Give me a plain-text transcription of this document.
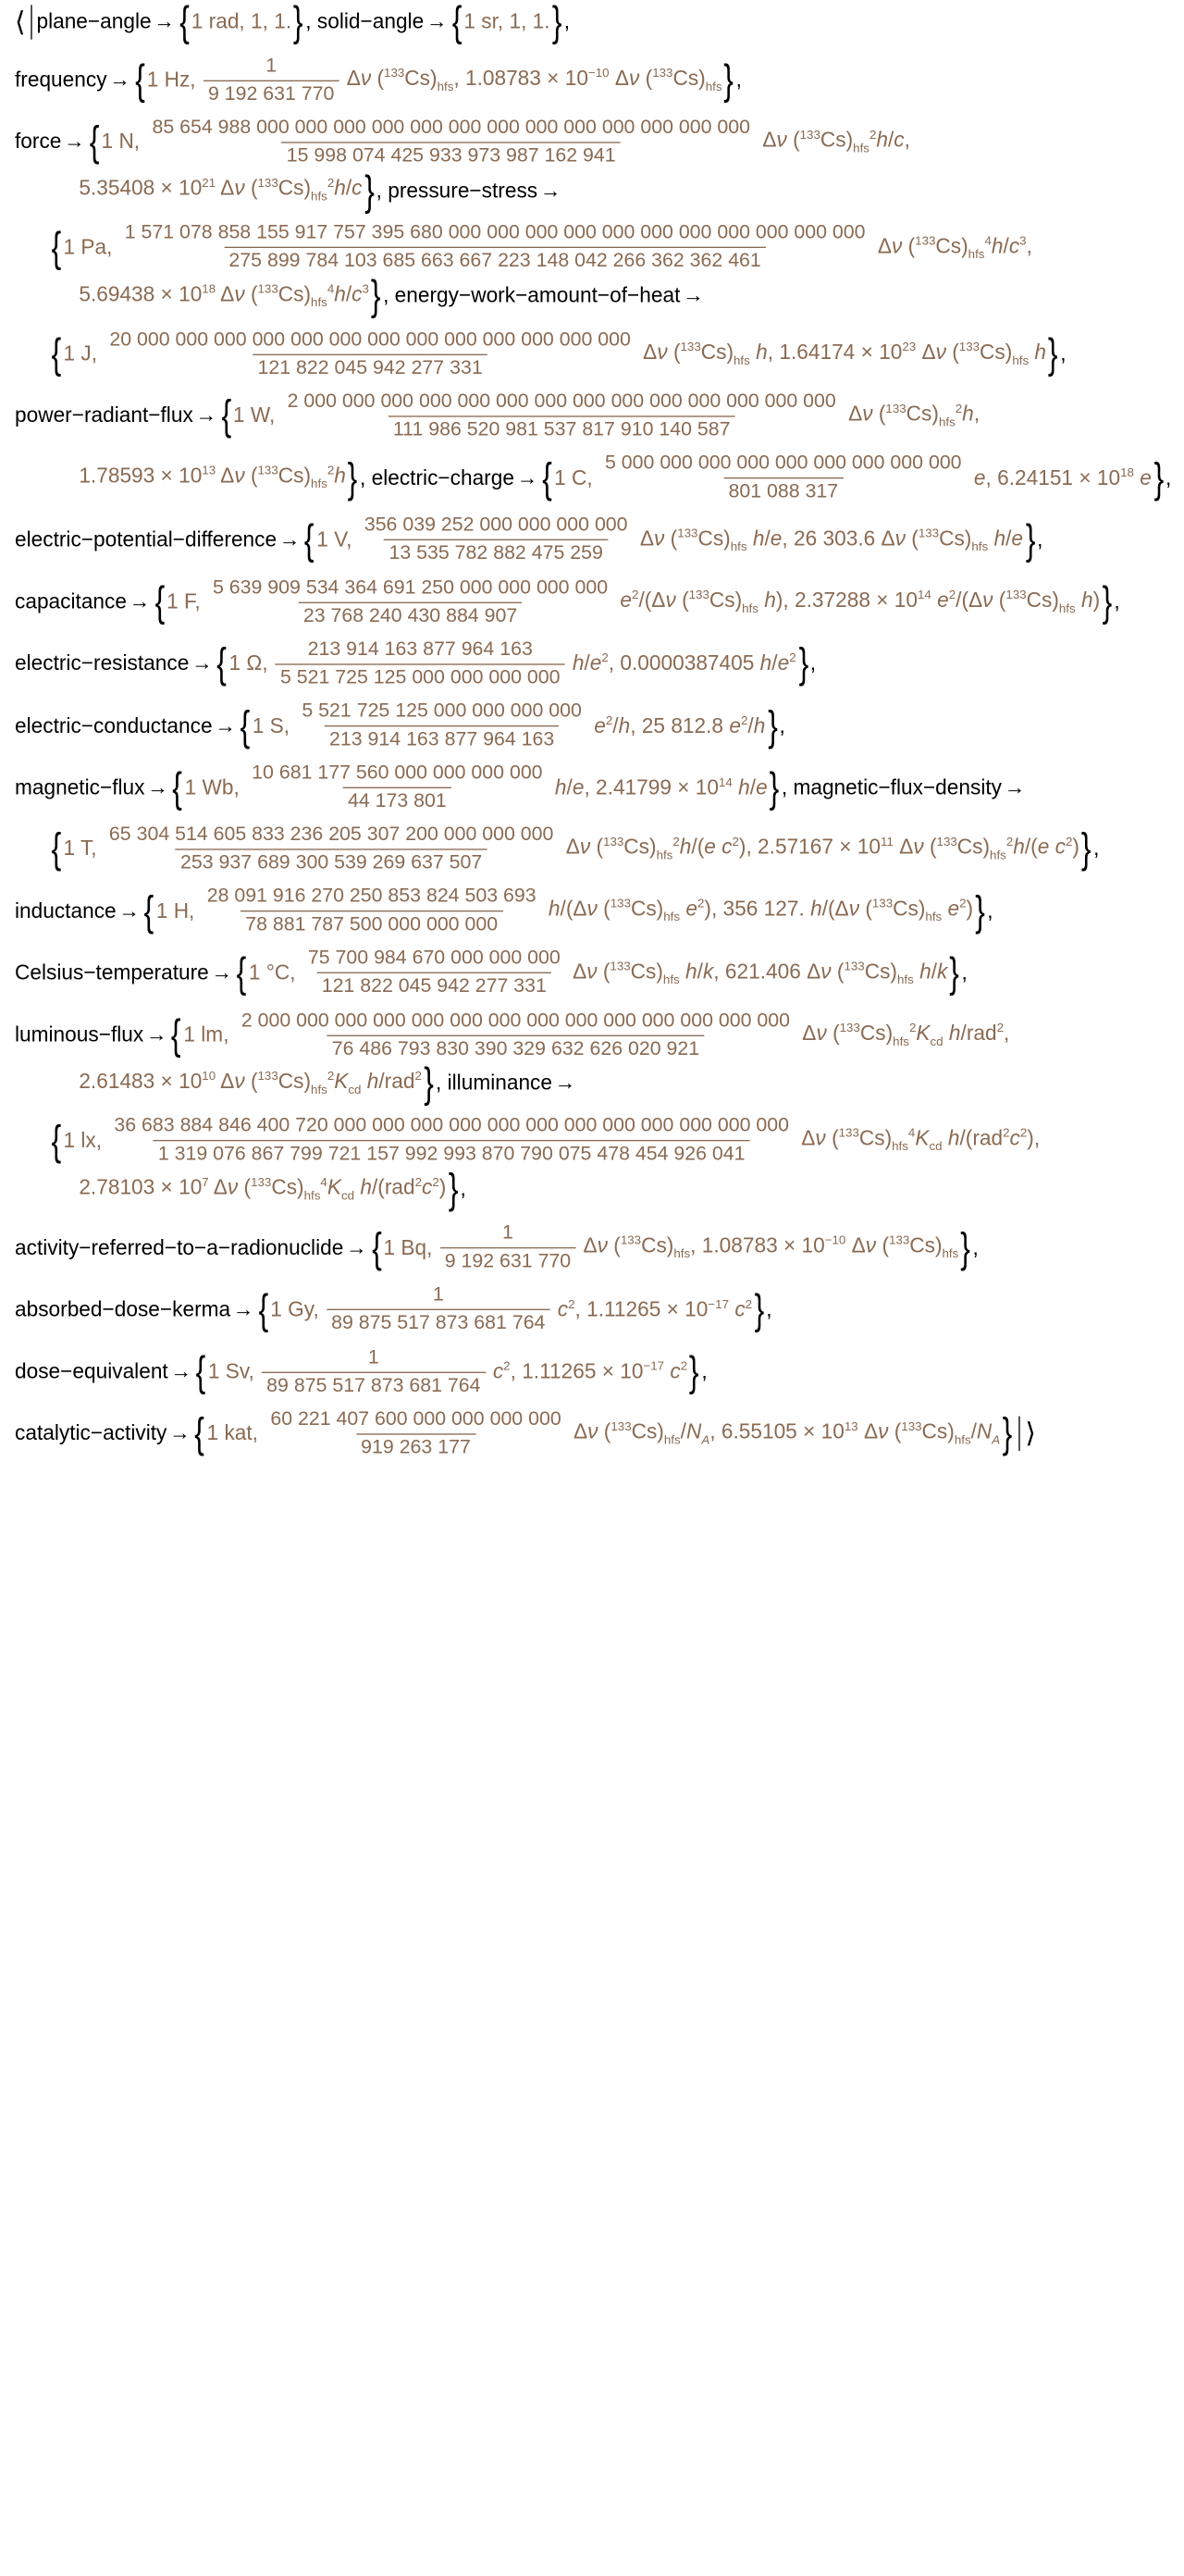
⟨ plane−angle → { 1 rad, 1, 1. } , solid−angle → { 1 sr, 1, 1. } ,
frequency → { 1 Hz, $\frac{1}{9 192 631 770}$ Δν $(^{133}Cs)_{hfs}$, $1.08783 \times 10^{-10}$ Δν $(^{133}Cs)_{hfs}$ } ,
force → { 1 N,
85 654 988 000 000 000 000 000 000 000 000 000 000 000 000 000
15 998 074 425 933 973 987 162 941
Δν $(^{133}Cs)_{hfs}^2h/c$,
$5.35408 \times 10^{21}$ Δν $(^{133}Cs)_{hfs}^2h/c$ } , pressure−stress →
{ 1 Pa,
1 571 078 858 155 917 757 395 680 000 000 000 000 000 000 000 000 000 000 000
275 899 784 103 685 663 667 223 148 042 266 362 362 461
Δν $(^{133}Cs)_{hfs}^4h/c^3$,
$5.69438 \times 10^{18}$ Δν $(^{133}Cs)_{hfs}^4h/c^3$ } , energy−work−amount−of−heat →
{ 1 J, $\frac{20 000 000 000 000 000 000 000 000 000 000 000 000 000}{121 822 045 942 277 331}$ Δν $(^{133}Cs)_{hfs}$ h, $1.64174 \times 10^{23}$ Δν $(^{133}Cs)_{hfs}$ h } ,
power−radiant−flux → { 1 W, $\frac{2 000 000 000 000 000 000 000 000 000 000 000 000 000 000}{111 986 520 981 537 817 910 140 587}$ Δν $(^{133}Cs)_{hfs}^2h$,
$1.78593 \times 10^{13}$ Δν $(^{133}Cs)_{hfs}^2h$ } , electric−charge → { 1 C, $\frac{5 000 000 000 000 000 000 000 000 000}{801 088 317} e$, $6.24151 \times 10^{18}$ e } ,
electric−potential−difference → { 1 V, $\frac{356 039 252 000 000 000 000}{13 535 782 882 475 259}$ Δν $(^{133}Cs)_{hfs}$ h/e, 26 303.6 Δν $(^{133}Cs)_{hfs}$ h/e } ,
capacitance → { 1 F, $\frac{5 639 909 534 364 691 250 000 000 000 000}{23 768 240 430 884 907} e^2/(\Delta\nu$ $(^{133}Cs)_{hfs}$ h), $2.37288 \times 10^{14}$ $e^2/(\Delta\nu$ $(^{133}Cs)_{hfs}$ h) } ,
electric−resistance → { 1 Ω, $\frac{213 914 163 877 964 163}{5 521 725 125 000 000 000 000} h/e^2$, 0.0000387405 $h/e^2$ } ,
electric−conductance → { 1 S, $\frac{5 521 725 125 000 000 000 000}{213 914 163 877 964 163} e^2/h$, 25 812.8 $e^2/h$ } ,
magnetic−flux → { 1 Wb, $\frac{10 681 177 560 000 000 000 000}{44 173 801} h/e$, $2.41799 \times 10^{14}$ h/e } , magnetic−flux−density →
{ 1 T, $\frac{65 304 514 605 833 236 205 307 200 000 000 000}{253 937 689 300 539 269 637 507}$ Δν $(^{133}Cs)_{hfs}^2h/(e$ $c^2$), $2.57167 \times 10^{11}$ Δν $(^{133}Cs)_{hfs}^2h/(e$ $c^2$) } ,
inductance → { 1 H, $\frac{28 091 916 270 250 853 824 503 693}{78 881 787 500 000 000 000} h/(\Delta\nu$ $(^{133}Cs)_{hfs}$ $e^2$), 356 127. h/(Δν $(^{133}Cs)_{hfs}$ $e^2$) } ,
Celsius−temperature → { 1 °C, $\frac{75 700 984 670 000 000 000}{121 822 045 942 277 331}$ Δν $(^{133}Cs)_{hfs}$ h/k, 621.406 Δν $(^{133}Cs)_{hfs}$ h/k } ,
luminous−flux → { 1 lm, $\frac{2 000 000 000 000 000 000 000 000 000 000 000 000 000 000}{76 486 793 830 390 329 632 626 020 921}$ Δν $(^{133}Cs)_{hfs}^2K_{cd}$ h/rad$^2$,
$2.61483 \times 10^{10}$ Δν $(^{133}Cs)_{hfs}^2K_{cd}$ h/rad$^2$ } , illuminance →
{ 1 lx,
36 683 884 846 400 720 000 000 000 000 000 000 000 000 000 000 000 000
1 319 076 867 799 721 157 992 993 870 790 075 478 454 926 041
Δν $(^{133}Cs)_{hfs}^4K_{cd}$ $h/(rad^2c^2)$,
$2.78103 \times 10^7$ Δν $(^{133}Cs)_{hfs}^4K_{cd}$ $h/(rad^2c^2)$ } ,
activity−referred−to−a−radionuclide → { 1 Bq, $\frac{1}{9 192 631 770}$ Δν $(^{133}Cs)_{hfs}$, $1.08783 \times 10^{-10}$ Δν $(^{133}Cs)_{hfs}$ } ,
absorbed−dose−kerma → { 1 Gy, $\frac{1}{89 875 517 873 681 764} c^2$, $1.11265 \times 10^{-17}$ $c^2$ } ,
dose−equivalent → { 1 Sv, $\frac{1}{89 875 517 873 681 764} c^2$, $1.11265 \times 10^{-17}$ $c^2$ } ,
catalytic−activity → { 1 kat, $\frac{60 221 407 600 000 000 000 000}{919 263 177}$ Δν $(^{133}Cs)_{hfs}/N_A$, $6.55105 \times 10^{13}$ Δν $(^{133}Cs)_{hfs}/N_A$ } ⟩
